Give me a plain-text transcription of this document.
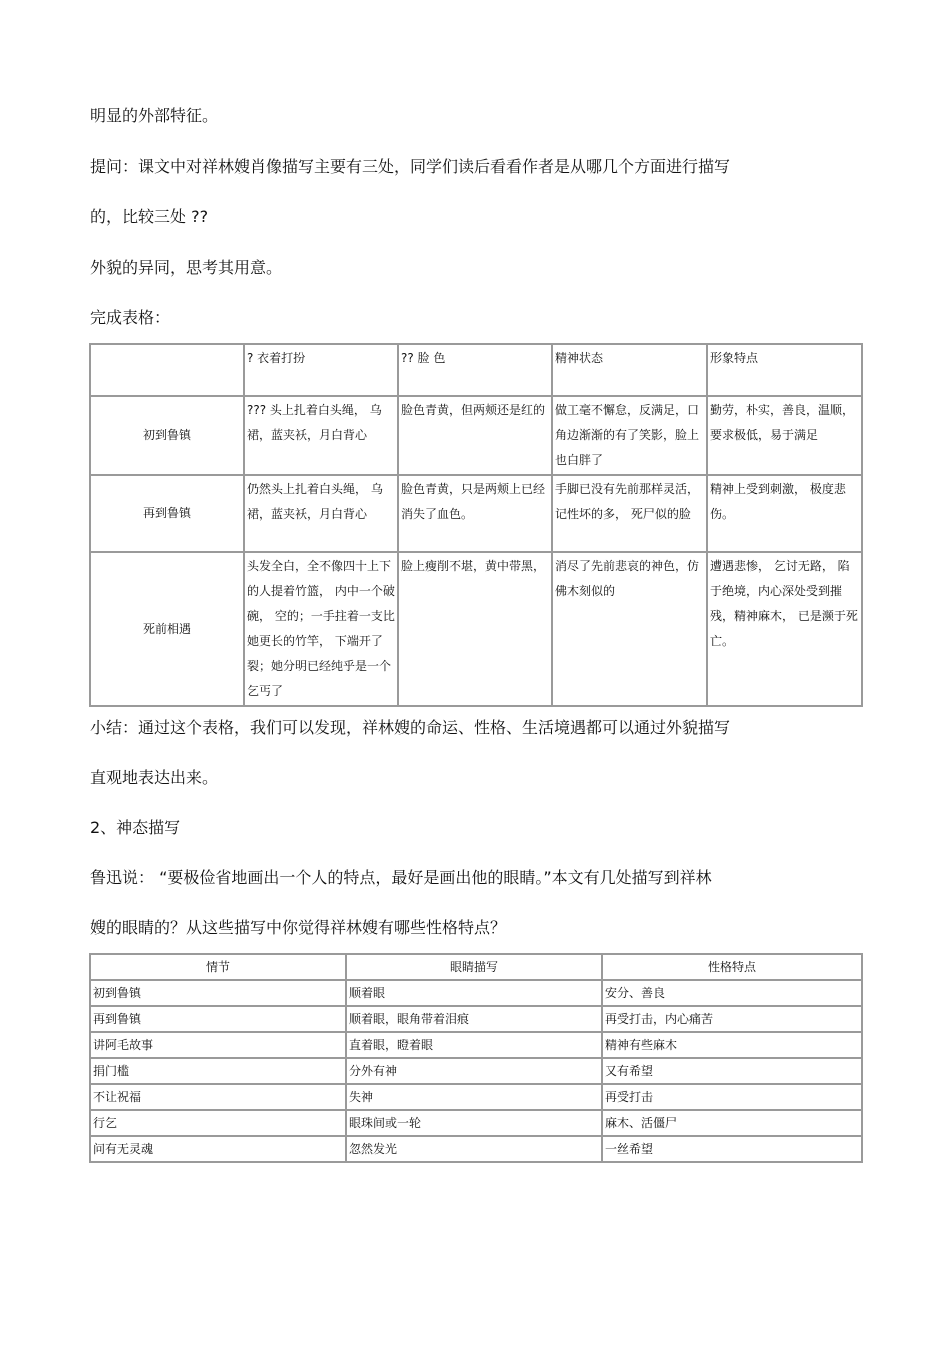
明显的外部特征。
提问：课文中对祥林嫂肖像描写主要有三处，同学们读后看看作者是从哪几个方面进行描写
的，比较三处 ??
外貌的异同，思考其用意。
完成表格：
	? 衣着打扮	?? 脸 色	精神状态	形象特点
初到鲁镇	??? 头上扎着白头绳， 乌裙，蓝夹袄，月白背心	脸色青黄，但两颊还是红的	做工毫不懈怠，反满足，口角边渐渐的有了笑影，脸上也白胖了	勤劳，朴实，善良，温顺，要求极低，易于满足
再到鲁镇	仍然头上扎着白头绳， 乌裙，蓝夹袄，月白背心	脸色青黄，只是两颊上已经消失了血色。	手脚已没有先前那样灵活，记性坏的多， 死尸似的脸	精神上受到刺激， 极度悲伤。
死前相遇	头发全白，全不像四十上下的人提着竹篮， 内中一个破碗， 空的；一手拄着一支比她更长的竹竿， 下端开了裂；她分明已经纯乎是一个乞丐了	脸上瘦削不堪，黄中带黑，	消尽了先前悲哀的神色，仿佛木刻似的	遭遇悲惨， 乞讨无路， 陷于绝境，内心深处受到摧残，精神麻木， 已是濒于死亡。
小结：通过这个表格，我们可以发现，祥林嫂的命运、性格、生活境遇都可以通过外貌描写
直观地表达出来。
2、神态描写
鲁迅说： “要极俭省地画出一个人的特点，最好是画出他的眼睛。”本文有几处描写到祥林
嫂的眼睛的？从这些描写中你觉得祥林嫂有哪些性格特点？
情节	眼睛描写	性格特点
初到鲁镇	顺着眼	安分、善良
再到鲁镇	顺着眼，眼角带着泪痕	再受打击，内心痛苦
讲阿毛故事	直着眼，瞪着眼	精神有些麻木
捐门槛	分外有神	又有希望
不让祝福	失神	再受打击
行乞	眼珠间或一轮	麻木、活僵尸
问有无灵魂	忽然发光	一丝希望
